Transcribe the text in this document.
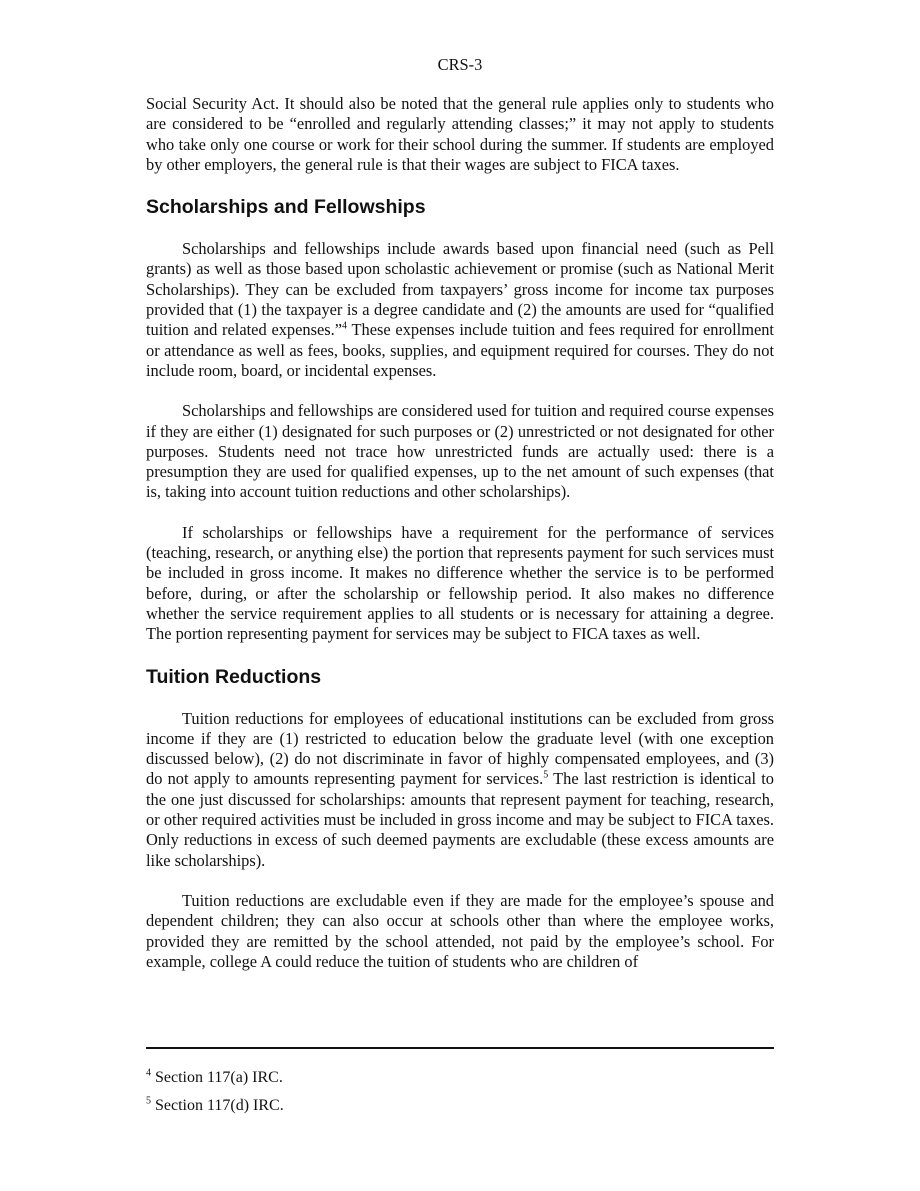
CRS-3

Social Security Act. It should also be noted that the general rule applies only to students who are considered to be “enrolled and regularly attending classes;” it may not apply to students who take only one course or work for their school during the summer. If students are employed by other employers, the general rule is that their wages are subject to FICA taxes.

Scholarships and Fellowships

Scholarships and fellowships include awards based upon financial need (such as Pell grants) as well as those based upon scholastic achievement or promise (such as National Merit Scholarships). They can be excluded from taxpayers’ gross income for income tax purposes provided that (1) the taxpayer is a degree candidate and (2) the amounts are used for “qualified tuition and related expenses.”$^4$ These expenses include tuition and fees required for enrollment or attendance as well as fees, books, supplies, and equipment required for courses. They do not include room, board, or incidental expenses.

Scholarships and fellowships are considered used for tuition and required course expenses if they are either (1) designated for such purposes or (2) unrestricted or not designated for other purposes. Students need not trace how unrestricted funds are actually used: there is a presumption they are used for qualified expenses, up to the net amount of such expenses (that is, taking into account tuition reductions and other scholarships).

If scholarships or fellowships have a requirement for the performance of services (teaching, research, or anything else) the portion that represents payment for such services must be included in gross income. It makes no difference whether the service is to be performed before, during, or after the scholarship or fellowship period. It also makes no difference whether the service requirement applies to all students or is necessary for attaining a degree. The portion representing payment for services may be subject to FICA taxes as well.

Tuition Reductions

Tuition reductions for employees of educational institutions can be excluded from gross income if they are (1) restricted to education below the graduate level (with one exception discussed below), (2) do not discriminate in favor of highly compensated employees, and (3) do not apply to amounts representing payment for services.$^5$ The last restriction is identical to the one just discussed for scholarships: amounts that represent payment for teaching, research, or other required activities must be included in gross income and may be subject to FICA taxes. Only reductions in excess of such deemed payments are excludable (these excess amounts are like scholarships).

Tuition reductions are excludable even if they are made for the employee’s spouse and dependent children; they can also occur at schools other than where the employee works, provided they are remitted by the school attended, not paid by the employee’s school. For example, college A could reduce the tuition of students who are children of

$^4$ Section 117(a) IRC.
$^5$ Section 117(d) IRC.
